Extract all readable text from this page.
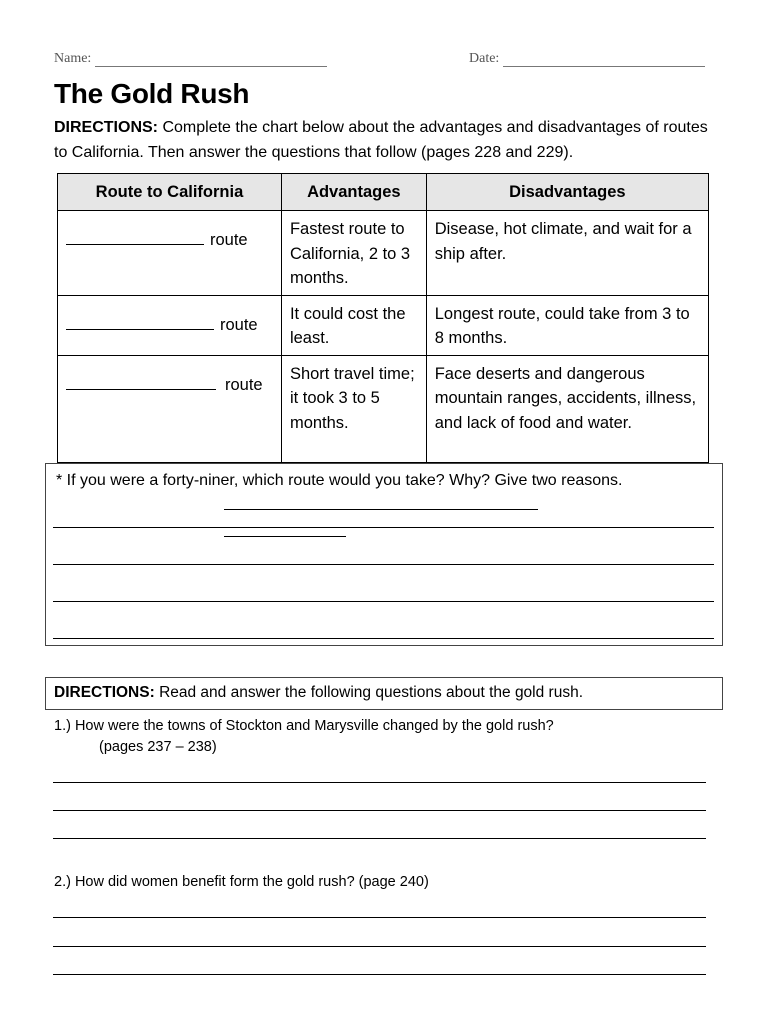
Name:	Date:
The Gold Rush
DIRECTIONS: Complete the chart below about the advantages and disadvantages of routes to California. Then answer the questions that follow (pages 228 and 229).
Route to California	Advantages	Disadvantages
route	Fastest route to California, 2 to 3 months.	Disease, hot climate, and wait for a ship after.
route	It could cost the least.	Longest route, could take from 3 to 8 months.
route	Short travel time; it took 3 to 5 months.	Face deserts and dangerous mountain ranges, accidents, illness, and lack of food and water.
* If you were a forty-niner, which route would you take? Why? Give two reasons.
DIRECTIONS: Read and answer the following questions about the gold rush.
1.) How were the towns of Stockton and Marysville changed by the gold rush?
(pages 237 – 238)
2.) How did women benefit form the gold rush? (page 240)
